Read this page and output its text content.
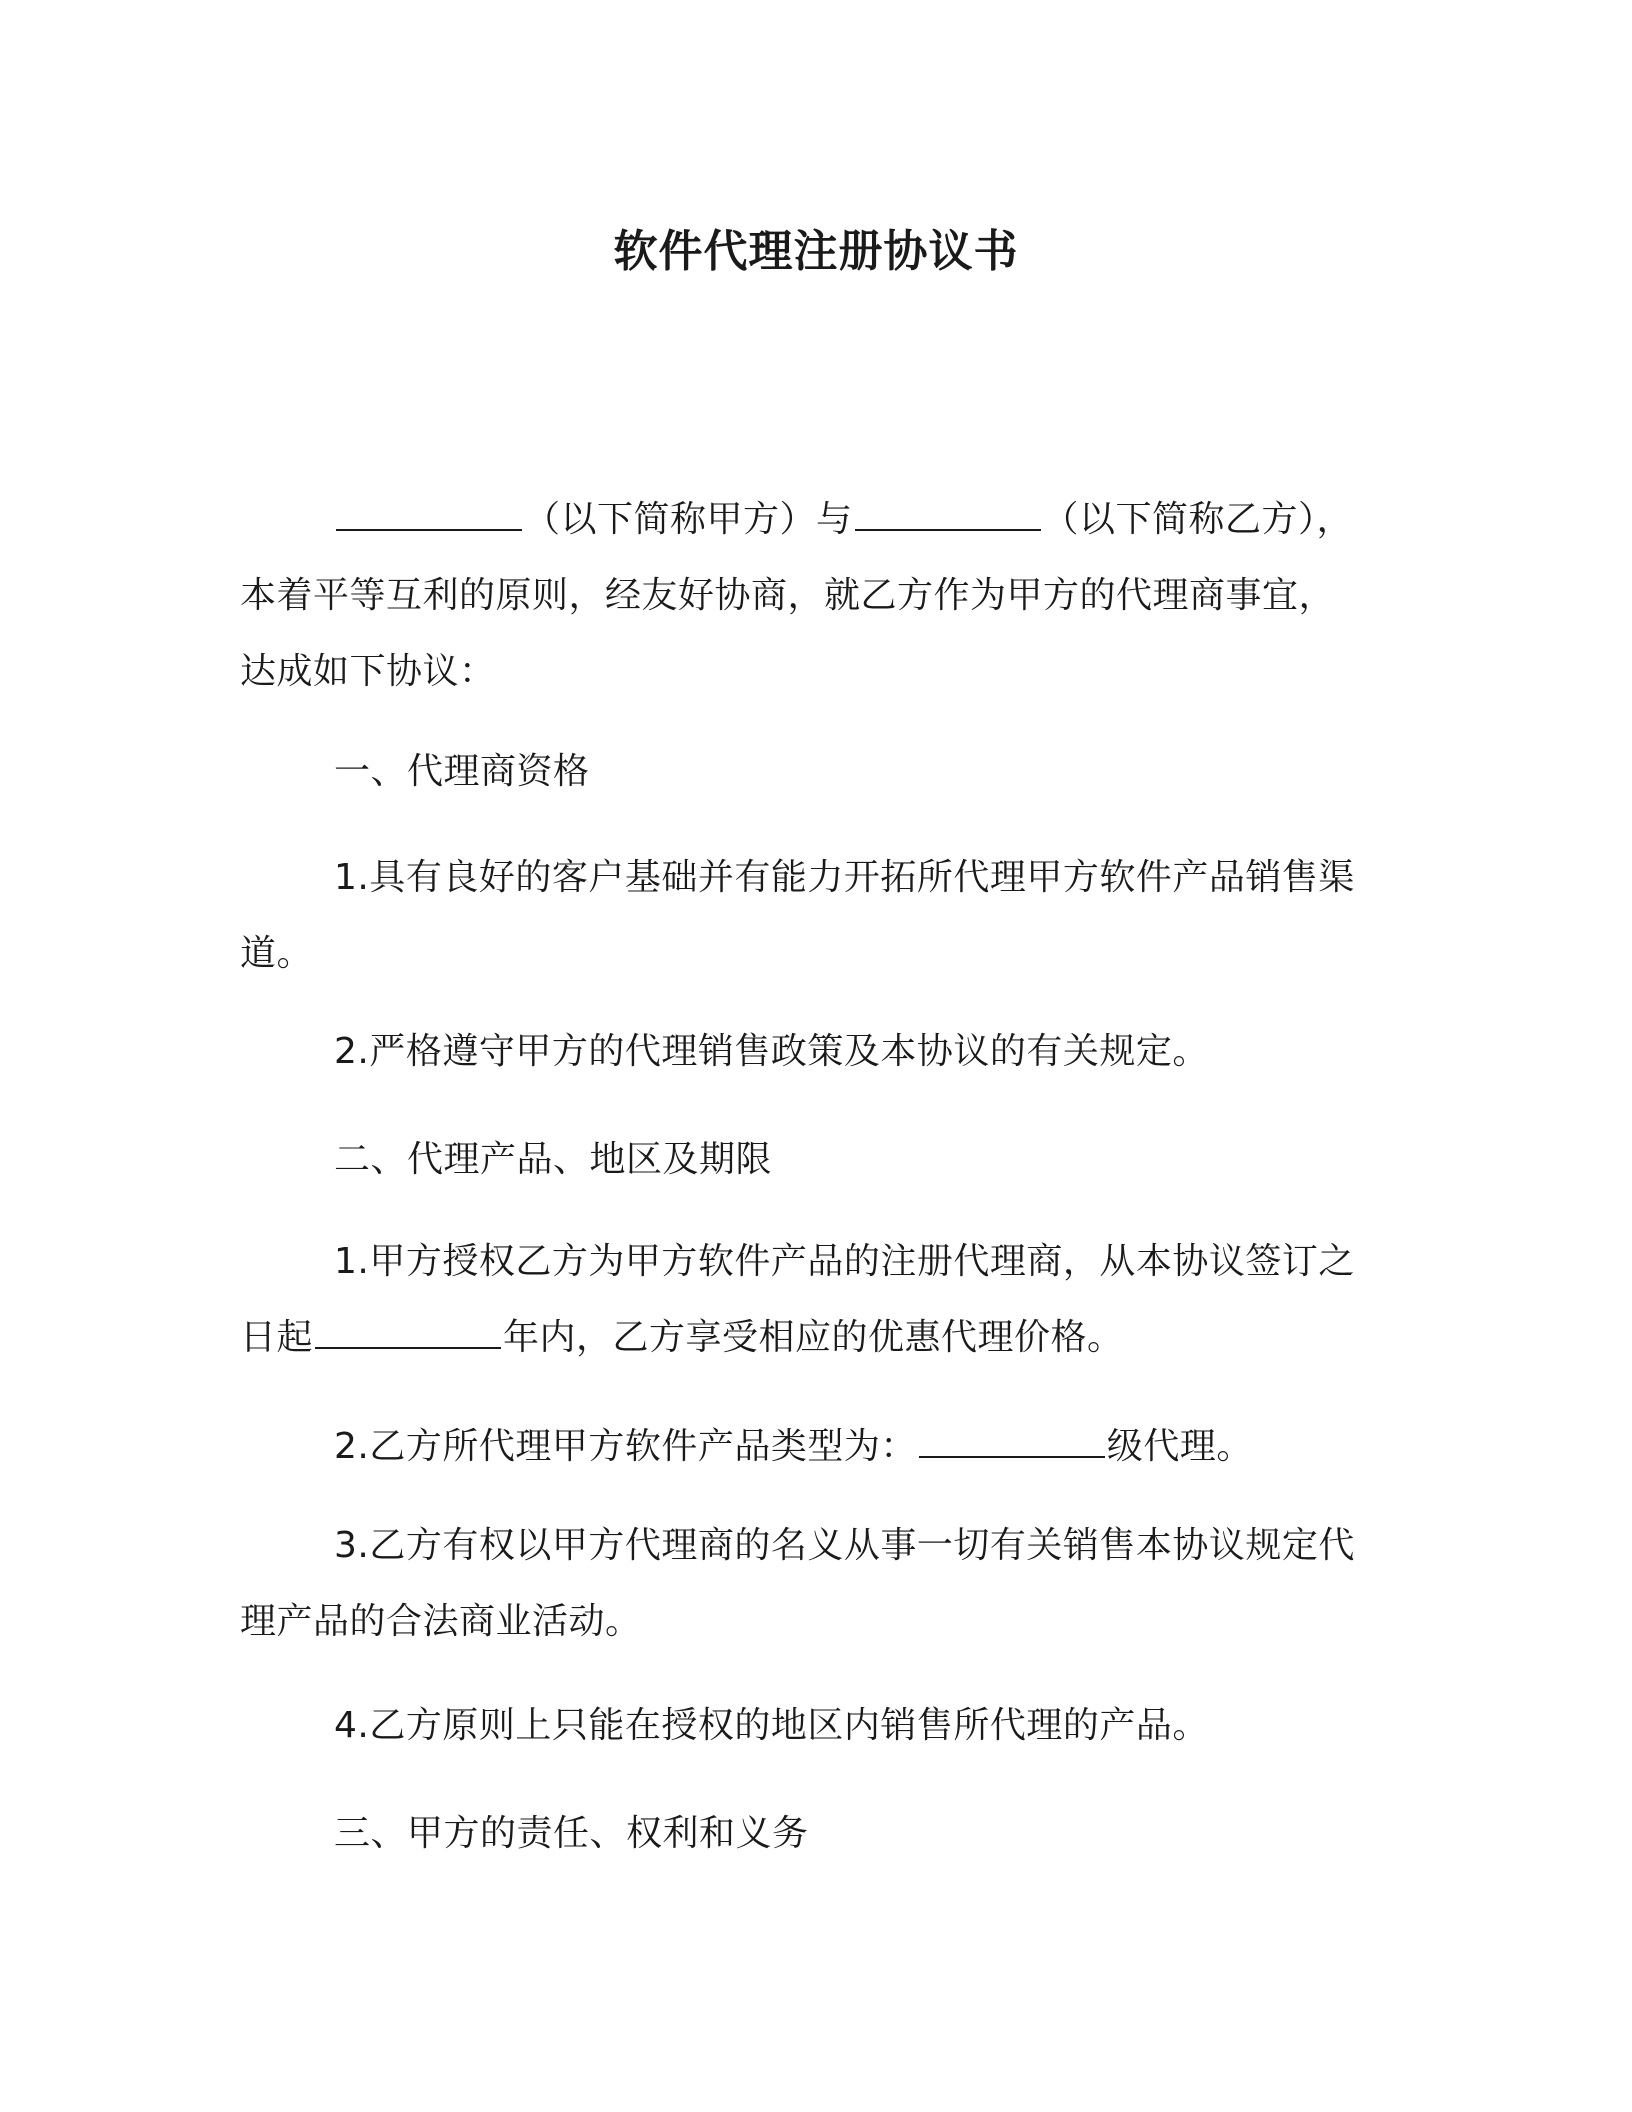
软件代理注册协议书
（以下简称甲方）与	（以下简称乙方），本着平等互利的原则，经友好协商，就乙方作为甲方的代理商事宜，达成如下协议：
一、代理商资格
1.具有良好的客户基础并有能力开拓所代理甲方软件产品销售渠道。
2.严格遵守甲方的代理销售政策及本协议的有关规定。
二、代理产品、地区及期限
1.甲方授权乙方为甲方软件产品的注册代理商，从本协议签订之日起	年内，乙方享受相应的优惠代理价格。
2.乙方所代理甲方软件产品类型为：	级代理。
3.乙方有权以甲方代理商的名义从事一切有关销售本协议规定代理产品的合法商业活动。
4.乙方原则上只能在授权的地区内销售所代理的产品。
三、甲方的责任、权利和义务
